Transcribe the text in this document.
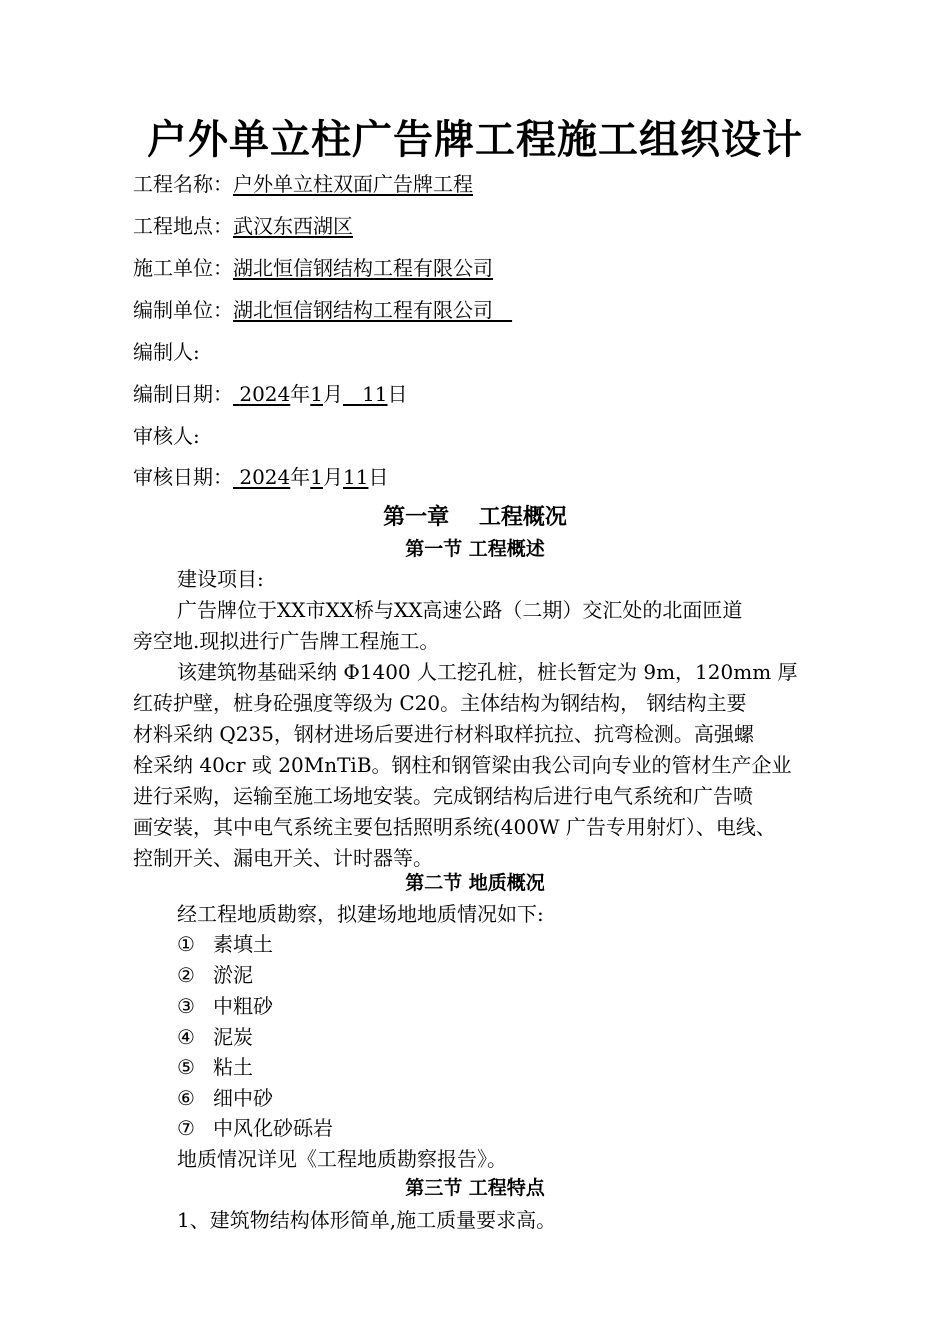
户外单立柱广告牌工程施工组织设计
工程名称：户外单立柱双面广告牌工程
工程地点：武汉东西湖区
施工单位：湖北恒信钢结构工程有限公司
编制单位：湖北恒信钢结构工程有限公司
编制人:
编制日期： 2024年1月 11日
审核人:
审核日期： 2024年1月11日
第一章　 工程概况
第一节 工程概述
建设项目:
广告牌位于XX市XX桥与XX高速公路（二期）交汇处的北面匝道
旁空地.现拟进行广告牌工程施工。
该建筑物基础采纳 Φ1400 人工挖孔桩，桩长暂定为 9m，120mm 厚
红砖护壁，桩身砼强度等级为 C20。主体结构为钢结构， 钢结构主要
材料采纳 Q235，钢材进场后要进行材料取样抗拉、抗弯检测。高强螺
栓采纳 40cr 或 20MnTiB。钢柱和钢管梁由我公司向专业的管材生产企业
进行采购，运输至施工场地安装。完成钢结构后进行电气系统和广告喷
画安装，其中电气系统主要包括照明系统(400W 广告专用射灯）、电线、
控制开关、漏电开关、计时器等。
第二节 地质概况
经工程地质勘察，拟建场地地质情况如下:
① 素填土
② 淤泥
③ 中粗砂
④ 泥炭
⑤ 粘土
⑥ 细中砂
⑦ 中风化砂砾岩
地质情况详见《工程地质勘察报告》。
第三节 工程特点
1、建筑物结构体形简单,施工质量要求高。
